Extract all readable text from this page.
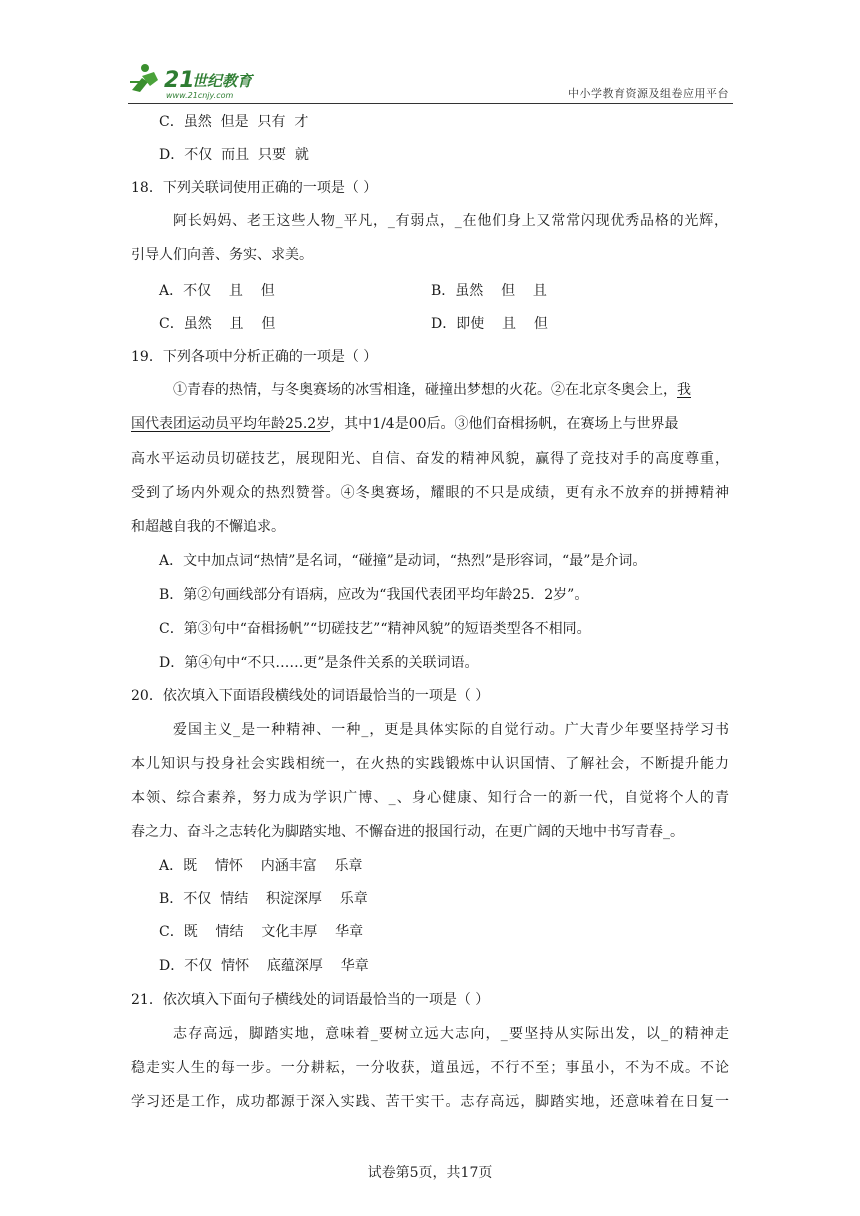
21
世纪教育
www.21cnjy.com	中小学教育资源及组卷应用平台
C．虽然  但是  只有  才
D．不仅  而且  只要  就
18．下列关联词使用正确的一项是（ ）
阿长妈妈、老王这些人物_平凡，_有弱点，_在他们身上又常常闪现优秀品格的光辉，
引导人们向善、务实、求美。
A．不仅    且    但	B．虽然    但    且
C．虽然    且    但	D．即使    且    但
19．下列各项中分析正确的一项是（ ）
①青春的热情，与冬奥赛场的冰雪相逢，碰撞出梦想的火花。②在北京冬奥会上，我
国代表团运动员平均年龄25.2岁，其中1/4是00后。③他们奋楫扬帆，在赛场上与世界最
高水平运动员切磋技艺，展现阳光、自信、奋发的精神风貌，赢得了竞技对手的高度尊重，
受到了场内外观众的热烈赞誉。④冬奥赛场，耀眼的不只是成绩，更有永不放弃的拼搏精神
和超越自我的不懈追求。
A．文中加点词“热情”是名词，“碰撞”是动词，“热烈”是形容词，“最”是介词。
B．第②句画线部分有语病，应改为“我国代表团平均年龄25．2岁”。
C．第③句中“奋楫扬帆”“切磋技艺”“精神风貌”的短语类型各不相同。
D．第④句中“不只……更”是条件关系的关联词语。
20．依次填入下面语段横线处的词语最恰当的一项是（ ）
爱国主义_是一种精神、一种_，更是具体实际的自觉行动。广大青少年要坚持学习书
本儿知识与投身社会实践相统一，在火热的实践锻炼中认识国情、了解社会，不断提升能力
本领、综合素养，努力成为学识广博、_、身心健康、知行合一的新一代，自觉将个人的青
春之力、奋斗之志转化为脚踏实地、不懈奋进的报国行动，在更广阔的天地中书写青春_。
A．既    情怀    内涵丰富    乐章
B．不仅  情结    积淀深厚    乐章
C．既    情结    文化丰厚    华章
D．不仅  情怀    底蕴深厚    华章
21．依次填入下面句子横线处的词语最恰当的一项是（ ）
志存高远，脚踏实地，意味着_要树立远大志向，_要坚持从实际出发，以_的精神走
稳走实人生的每一步。一分耕耘，一分收获，道虽远，不行不至；事虽小，不为不成。不论
学习还是工作，成功都源于深入实践、苦干实干。志存高远，脚踏实地，还意味着在日复一
试卷第5页，共17页
